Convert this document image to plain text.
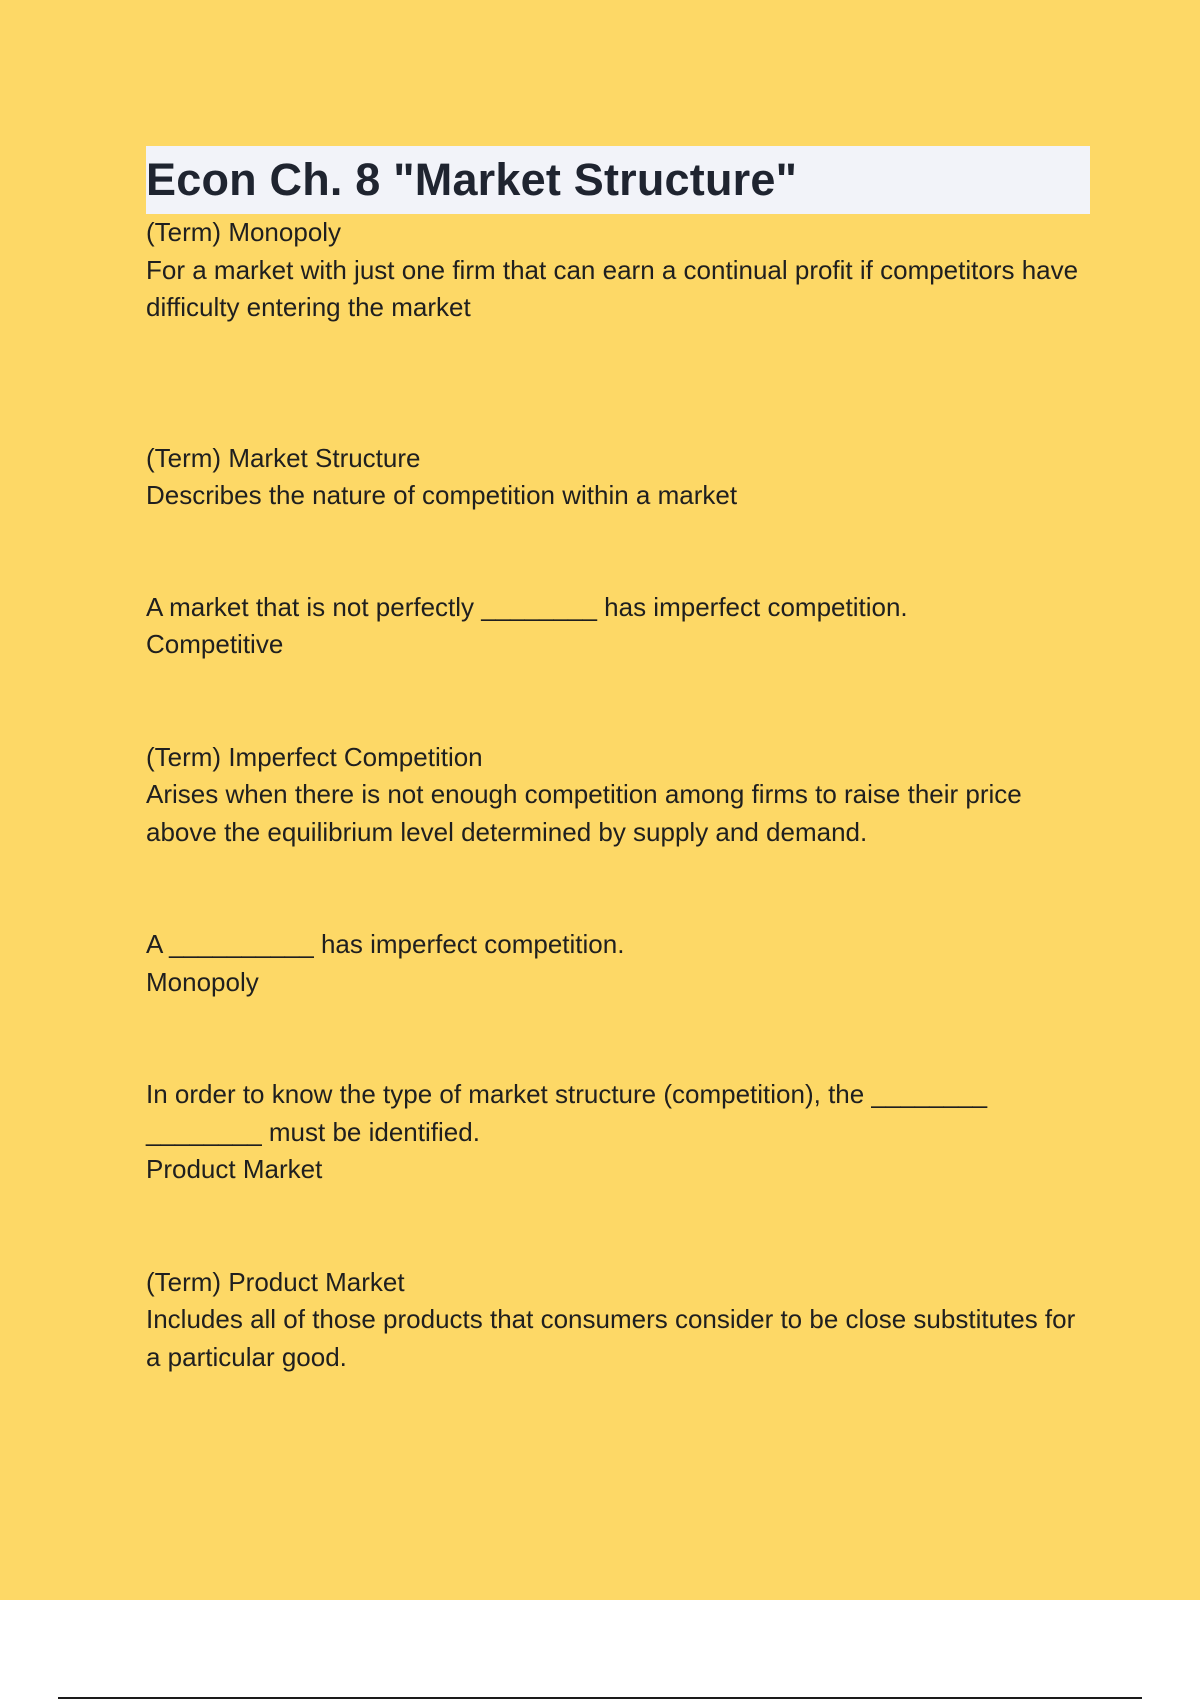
Econ Ch. 8 "Market Structure"

(Term) Monopoly

For a market with just one firm that can earn a continual profit if competitors have difficulty entering the market

(Term) Market Structure

Describes the nature of competition within a market

A market that is not perfectly ________ has imperfect competition.

Competitive

(Term) Imperfect Competition

Arises when there is not enough competition among firms to raise their price above the equilibrium level determined by supply and demand.

A __________ has imperfect competition.

Monopoly

In order to know the type of market structure (competition), the ________ ________ must be identified.

Product Market

(Term) Product Market

Includes all of those products that consumers consider to be close substitutes for a particular good.
